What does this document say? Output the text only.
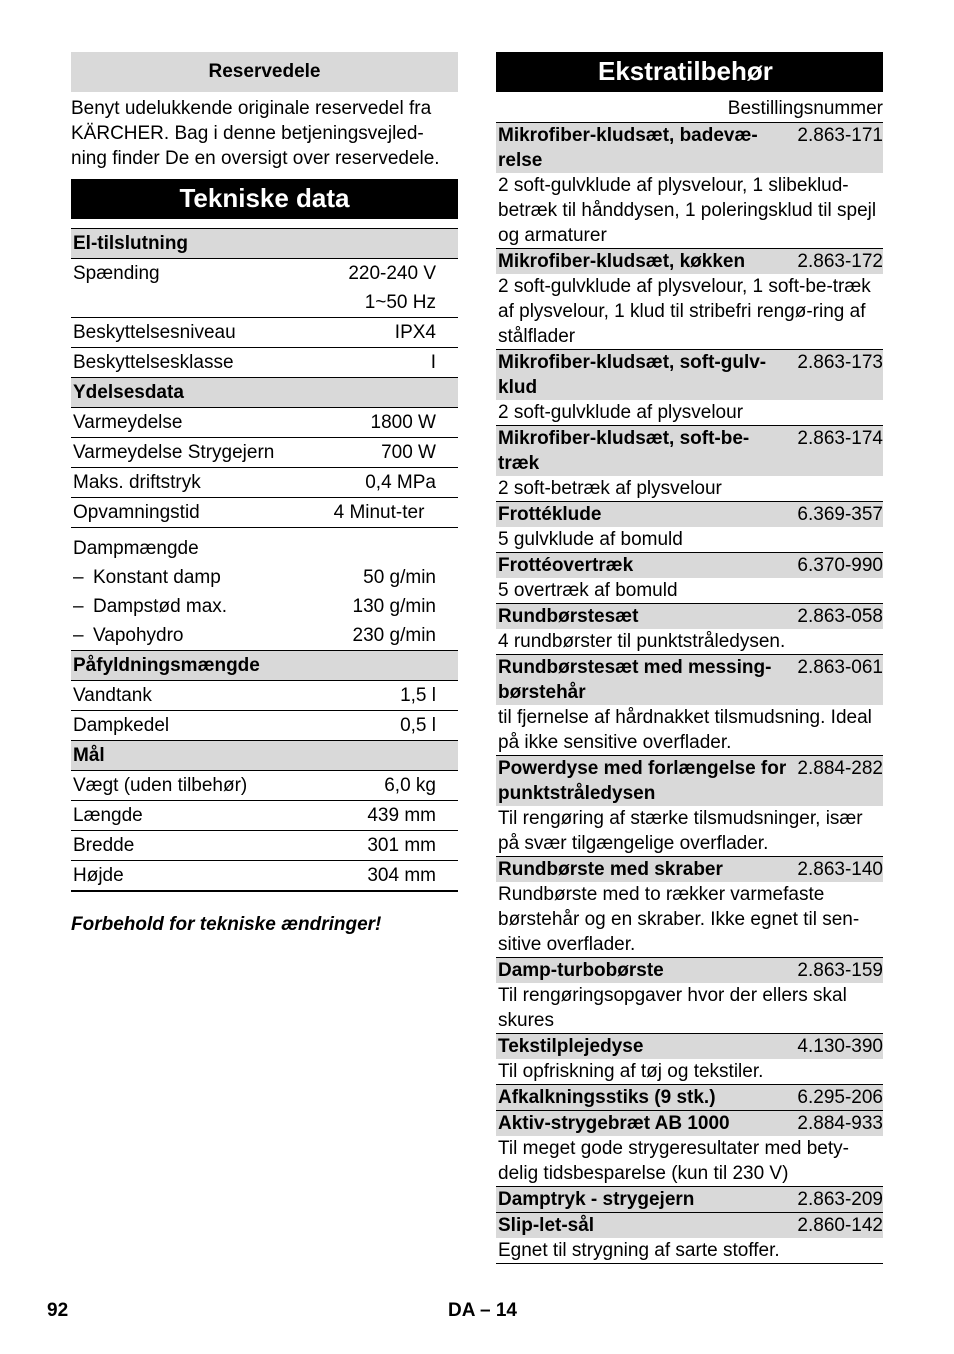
Reservedele
Benyt udelukkende originale reservedel fra KÄRCHER. Bag i denne betjeningsvejled-ning finder De en oversigt over reservedele.
Tekniske data
El-tilslutning	
Spænding	220-240 V
	1~50 Hz
Beskyttelsesniveau	IPX4
Beskyttelsesklasse	I
Ydelsesdata	
Varmeydelse	1800 W
Varmeydelse Strygejern	700 W
Maks. driftstryk	0,4 MPa
Opvamningstid	4 Minut-ter
Dampmængde	
– Konstant damp	50 g/min
– Dampstød max.	130 g/min
– Vapohydro	230 g/min
Påfyldningsmængde	
Vandtank	1,5 l
Dampkedel	0,5 l
Mål	
Vægt (uden tilbehør)	6,0 kg
Længde	439 mm
Bredde	301 mm
Højde	304 mm
Forbehold for tekniske ændringer!
Ekstratilbehør
Bestillingsnummer
Mikrofiber-kludsæt, badevæ-relse
2.863-171
2 soft-gulvklude af plysvelour, 1 slibeklud-betræk til hånddysen, 1 poleringsklud til spejl og armaturer
Mikrofiber-kludsæt, køkken	2.863-172
2 soft-gulvklude af plysvelour, 1 soft-be-træk af plysvelour, 1 klud til stribefri rengø-ring af stålflader
Mikrofiber-kludsæt, soft-gulv-klud
2.863-173
2 soft-gulvklude af plysvelour
Mikrofiber-kludsæt, soft-be-træk
2.863-174
2 soft-betræk af plysvelour
Frottéklude	6.369-357
5 gulvklude af bomuld
Frottéovertræk	6.370-990
5 overtræk af bomuld
Rundbørstesæt	2.863-058
4 rundbørster til punktstråledysen.
Rundbørstesæt med messing-børstehår
2.863-061
til fjernelse af hårdnakket tilsmudsning. Ideal på ikke sensitive overflader.
Powerdyse med forlængelse for punktstråledysen
2.884-282
Til rengøring af stærke tilsmudsninger, især på svær tilgængelige overflader.
Rundbørste med skraber	2.863-140
Rundbørste med to rækker varmefaste børstehår og en skraber. Ikke egnet til sen-sitive overflader.
Damp-turbobørste	2.863-159
Til rengøringsopgaver hvor der ellers skal skures
Tekstilplejedyse	4.130-390
Til opfriskning af tøj og tekstiler.
Afkalkningsstiks (9 stk.)	6.295-206
Aktiv-strygebræt AB 1000	2.884-933
Til meget gode strygeresultater med bety-delig tidsbesparelse (kun til 230 V)
Damptryk - strygejern	2.863-209
Slip-let-sål	2.860-142
Egnet til strygning af sarte stoffer.
92	DA – 14
